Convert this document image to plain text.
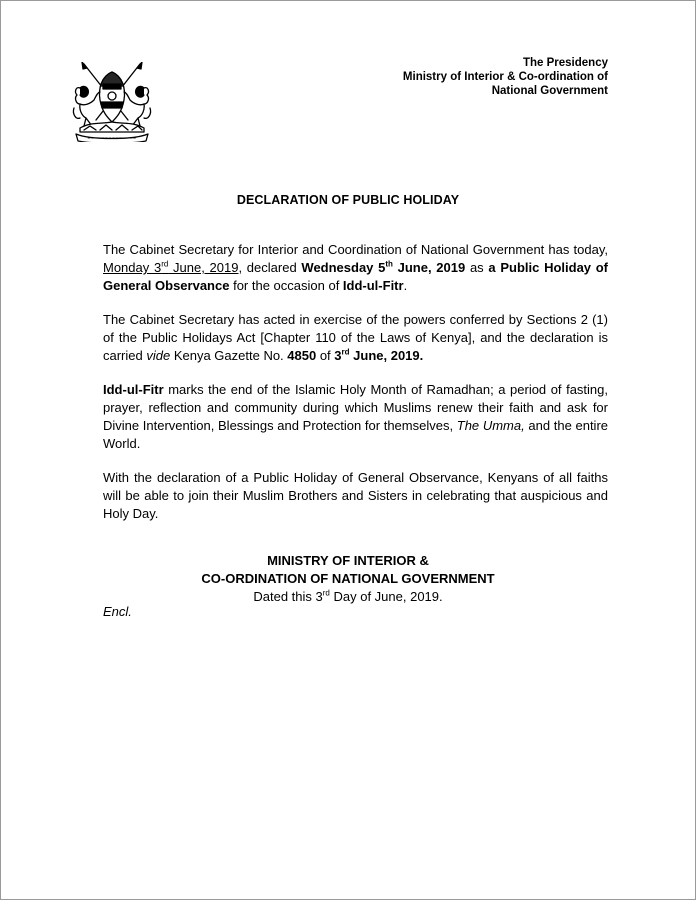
The Presidency
Ministry of Interior & Co-ordination of
National Government
DECLARATION OF PUBLIC HOLIDAY

The Cabinet Secretary for Interior and Coordination of National Government has today, Monday 3rd June, 2019, declared Wednesday 5th June, 2019 as a Public Holiday of General Observance for the occasion of Idd-ul-Fitr.

The Cabinet Secretary has acted in exercise of the powers conferred by Sections 2 (1) of the Public Holidays Act [Chapter 110 of the Laws of Kenya], and the declaration is carried vide Kenya Gazette No. 4850 of 3rd June, 2019.

Idd-ul-Fitr marks the end of the Islamic Holy Month of Ramadhan; a period of fasting, prayer, reflection and community during which Muslims renew their faith and ask for Divine Intervention, Blessings and Protection for themselves, The Umma, and the entire World.

With the declaration of a Public Holiday of General Observance, Kenyans of all faiths will be able to join their Muslim Brothers and Sisters in celebrating that auspicious and Holy Day.

MINISTRY OF INTERIOR &
CO-ORDINATION OF NATIONAL GOVERNMENT
Dated this 3rd Day of June, 2019.
Encl.
